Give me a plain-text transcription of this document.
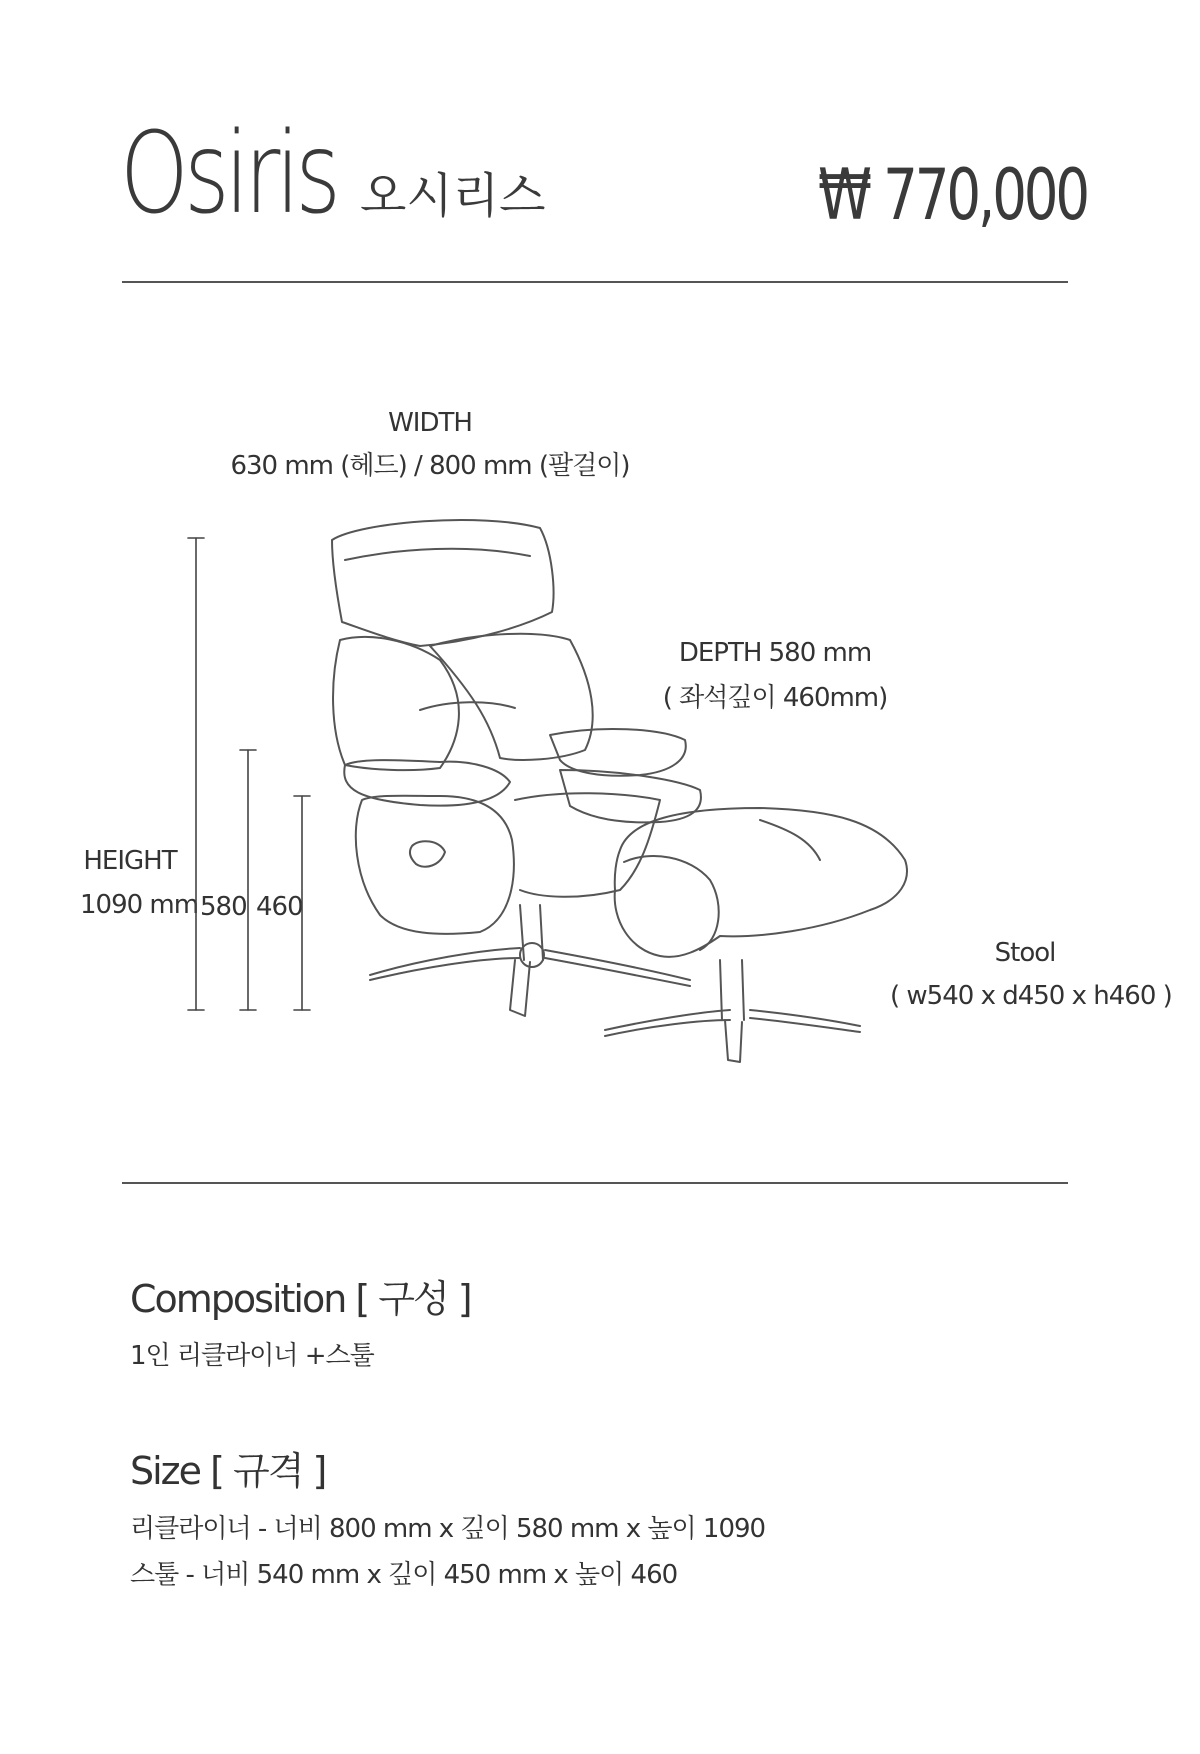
Osiris 오시리스	₩ 770,000
WIDTH
630 mm (헤드) / 800 mm (팔걸이)
DEPTH 580 mm
( 좌석깊이 460mm)
HEIGHT
1090 mm 580 460
Stool
( w540 x d450 x h460 )
Composition [ 구성 ]
1인 리클라이너 +스툴
Size [ 규격 ]
리클라이너 - 너비 800 mm x 깊이 580 mm x 높이 1090
스툴 - 너비 540 mm x 깊이 450 mm x 높이 460
